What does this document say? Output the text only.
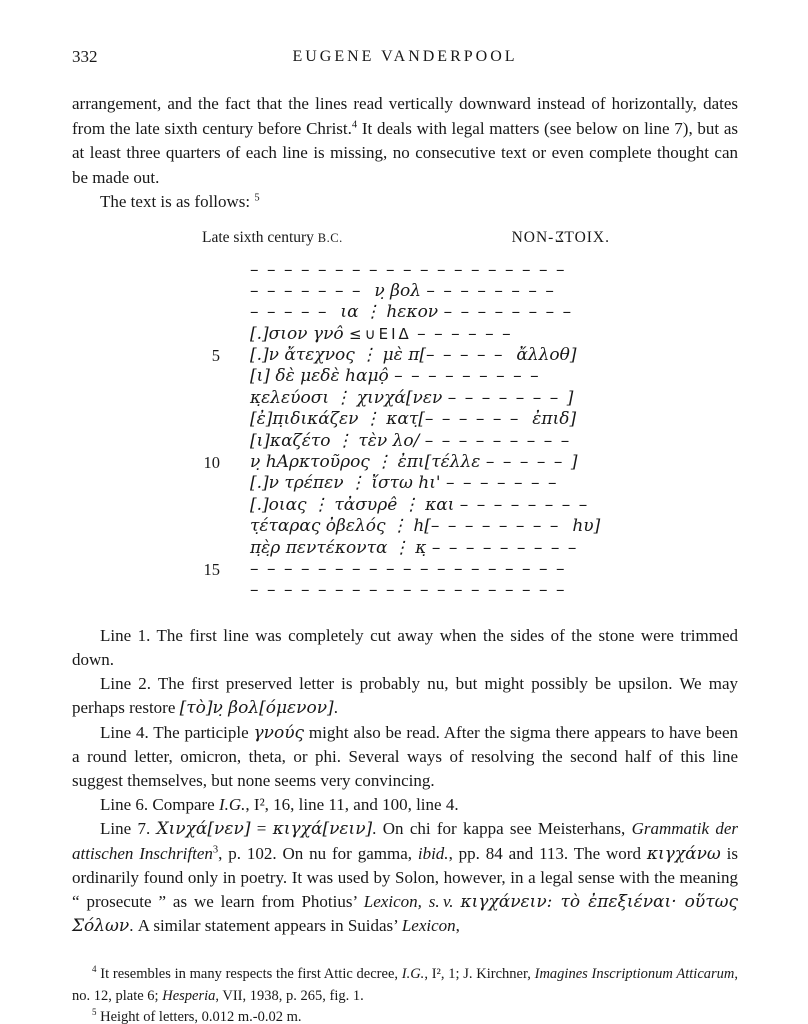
332	EUGENE VANDERPOOL

arrangement, and the fact that the lines read vertically downward instead of horizontally, dates from the late sixth century before Christ.$^4$ It deals with legal matters (see below on line 7), but as at least three quarters of each line is missing, no consecutive text or even complete thought can be made out.

The text is as follows: $^5$

Late sixth century B.C.	NON-ΣTOIX.
–––––––––––––––––––
––––––– ν̣ βολ ––––––––
––––– ια ⋮ hεκον ––––––––
[.]σιον γνô ≤∪ΕΙΔ ––––––
5	[.]ν ἄτεχνος ⋮ μὲ π[––––– ἄλλοθ]
[ι] δὲ μεδὲ hαμộ –––––––––
κ̣ελεύοσι ⋮ χινχά[νεν –––––––]
[ἐ]π̣ιδικάζεν ⋮ κατ̣[–––––– ἐπιδ]
[ι]καζέτο ⋮ τὲν λο/ –––––––––
10	ν̣ hΑρκτοῦρος ⋮ ἐπι[τέλλε –––––]
[.]ν τρέπεν ⋮ ἴστω hι' –––––––
[.]οιας ⋮ τἀσυρê ⋮ και ––––––––
τ̣έταρας ὀβελός ⋮ h[–––––––– hυ]
π̣ὲ̣ρ πεντέκοντα ⋮ κ̣ –––––––––
15	–––––––––––––––––––
–––––––––––––––––––

Line 1. The first line was completely cut away when the sides of the stone were trimmed down.

Line 2. The first preserved letter is probably nu, but might possibly be upsilon. We may perhaps restore [τὸ]ν̣ βολ[όμενον].

Line 4. The participle γνούς might also be read. After the sigma there appears to have been a round letter, omicron, theta, or phi. Several ways of resolving the second half of this line suggest themselves, but none seems very convincing.

Line 6. Compare I.G., I², 16, line 11, and 100, line 4.

Line 7. Χινχά[νεν] = κιγχά[νειν]. On chi for kappa see Meisterhans, Grammatik der attischen Inschriften$^3$, p. 102. On nu for gamma, ibid., pp. 84 and 113. The word κιγχάνω is ordinarily found only in poetry. It was used by Solon, however, in a legal sense with the meaning “ prosecute ” as we learn from Photius’ Lexicon, s. v. κιγχάνειν: τὸ ἐπεξιέναι· οὕτως Σόλων. A similar statement appears in Suidas’ Lexicon,

$^4$ It resembles in many respects the first Attic decree, I.G., I², 1; J. Kirchner, Imagines Inscriptionum Atticarum, no. 12, plate 6; Hesperia, VII, 1938, p. 265, fig. 1.

$^5$ Height of letters, 0.012 m.-0.02 m.
